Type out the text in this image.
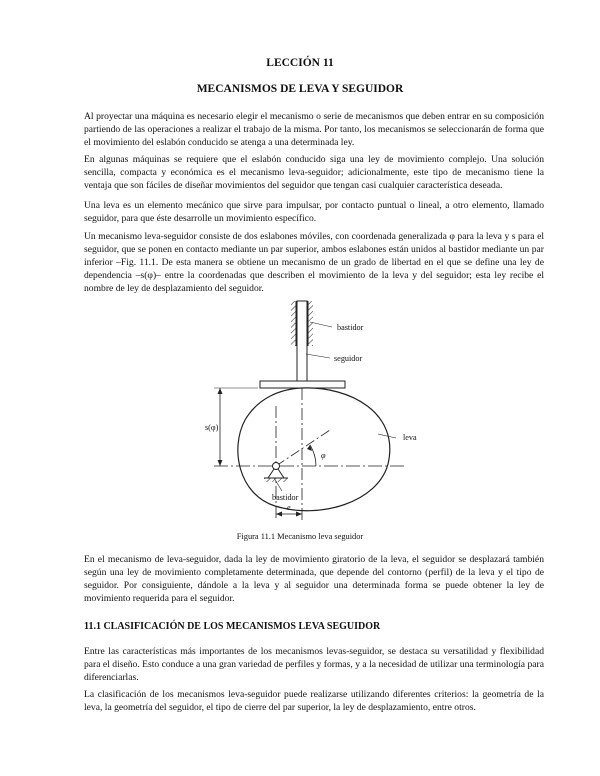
LECCIÓN 11
MECANISMOS DE LEVA Y SEGUIDOR

Al proyectar una máquina es necesario elegir el mecanismo o serie de mecanismos que deben entrar en su composición partiendo de las operaciones a realizar el trabajo de la misma. Por tanto, los mecanismos se seleccionarán de forma que el movimiento del eslabón conducido se atenga a una determinada ley.

En algunas máquinas se requiere que el eslabón conducido siga una ley de movimiento complejo. Una solución sencilla, compacta y económica es el mecanismo leva-seguidor; adicionalmente, este tipo de mecanismo tiene la ventaja que son fáciles de diseñar movimientos del seguidor que tengan casi cualquier característica deseada.

Una leva es un elemento mecánico que sirve para impulsar, por contacto puntual o lineal, a otro elemento, llamado seguidor, para que éste desarrolle un movimiento específico.

Un mecanismo leva-seguidor consiste de dos eslabones móviles, con coordenada generalizada φ para la leva y s para el seguidor, que se ponen en contacto mediante un par superior, ambos eslabones están unidos al bastidor mediante un par inferior –Fig. 11.1. De esta manera se obtiene un mecanismo de un grado de libertad en el que se define una ley de dependencia –s(φ)– entre la coordenadas que describen el movimiento de la leva y del seguidor; esta ley recibe el nombre de ley de desplazamiento del seguidor.

bastidor
seguidor
leva
s(φ)
φ
bastidor
e
Figura 11.1 Mecanismo leva seguidor

En el mecanismo de leva-seguidor, dada la ley de movimiento giratorio de la leva, el seguidor se desplazará también según una ley de movimiento completamente determinada, que depende del contorno (perfil) de la leva y el tipo de seguidor. Por consiguiente, dándole a la leva y al seguidor una determinada forma se puede obtener la ley de movimiento requerida para el seguidor.

11.1 CLASIFICACIÓN DE LOS MECANISMOS LEVA SEGUIDOR

Entre las características más importantes de los mecanismos levas-seguidor, se destaca su versatilidad y flexibilidad para el diseño. Esto conduce a una gran variedad de perfiles y formas, y a la necesidad de utilizar una terminología para diferenciarlas.

La clasificación de los mecanismos leva-seguidor puede realizarse utilizando diferentes criterios: la geometría de la leva, la geometría del seguidor, el tipo de cierre del par superior, la ley de desplazamiento, entre otros.
